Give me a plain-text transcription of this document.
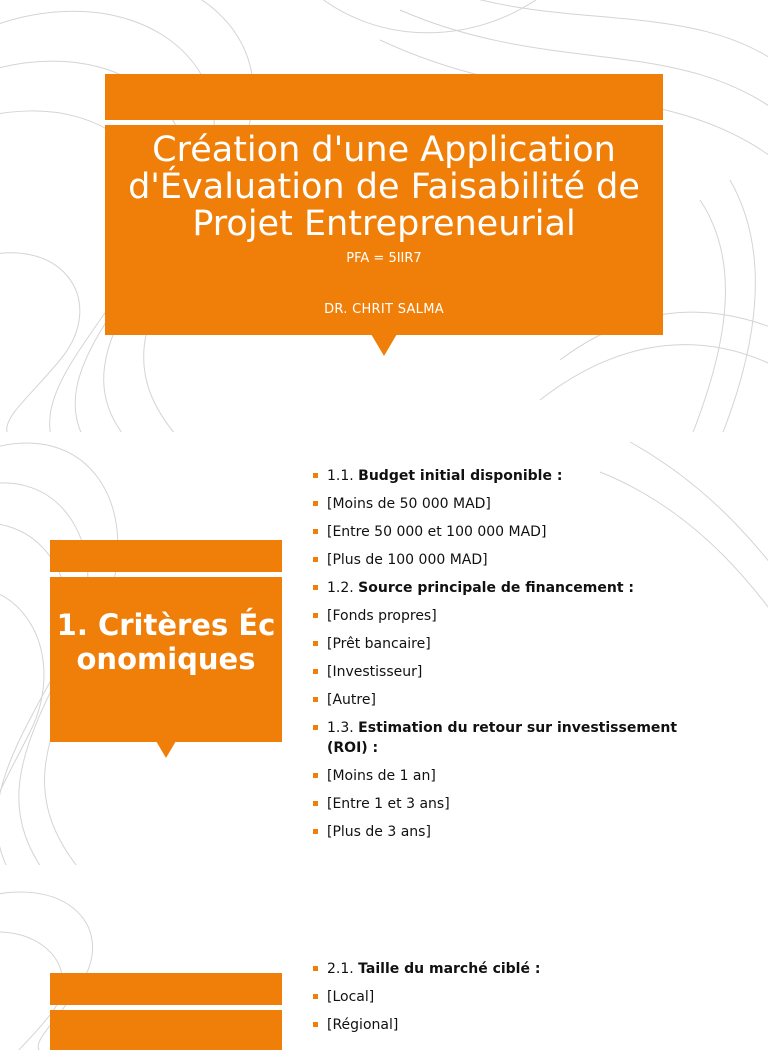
Création d'une Application d'Évaluation de Faisabilité de Projet Entrepreneurial
PFA = 5IIR7
DR. CHRIT SALMA
1. Critères Économiques
1.1. Budget initial disponible :
[Moins de 50 000 MAD]
[Entre 50 000 et 100 000 MAD]
[Plus de 100 000 MAD]
1.2. Source principale de financement :
[Fonds propres]
[Prêt bancaire]
[Investisseur]
[Autre]
1.3. Estimation du retour sur investissement (ROI) :
[Moins de 1 an]
[Entre 1 et 3 ans]
[Plus de 3 ans]
2.1. Taille du marché ciblé :
[Local]
[Régional]
